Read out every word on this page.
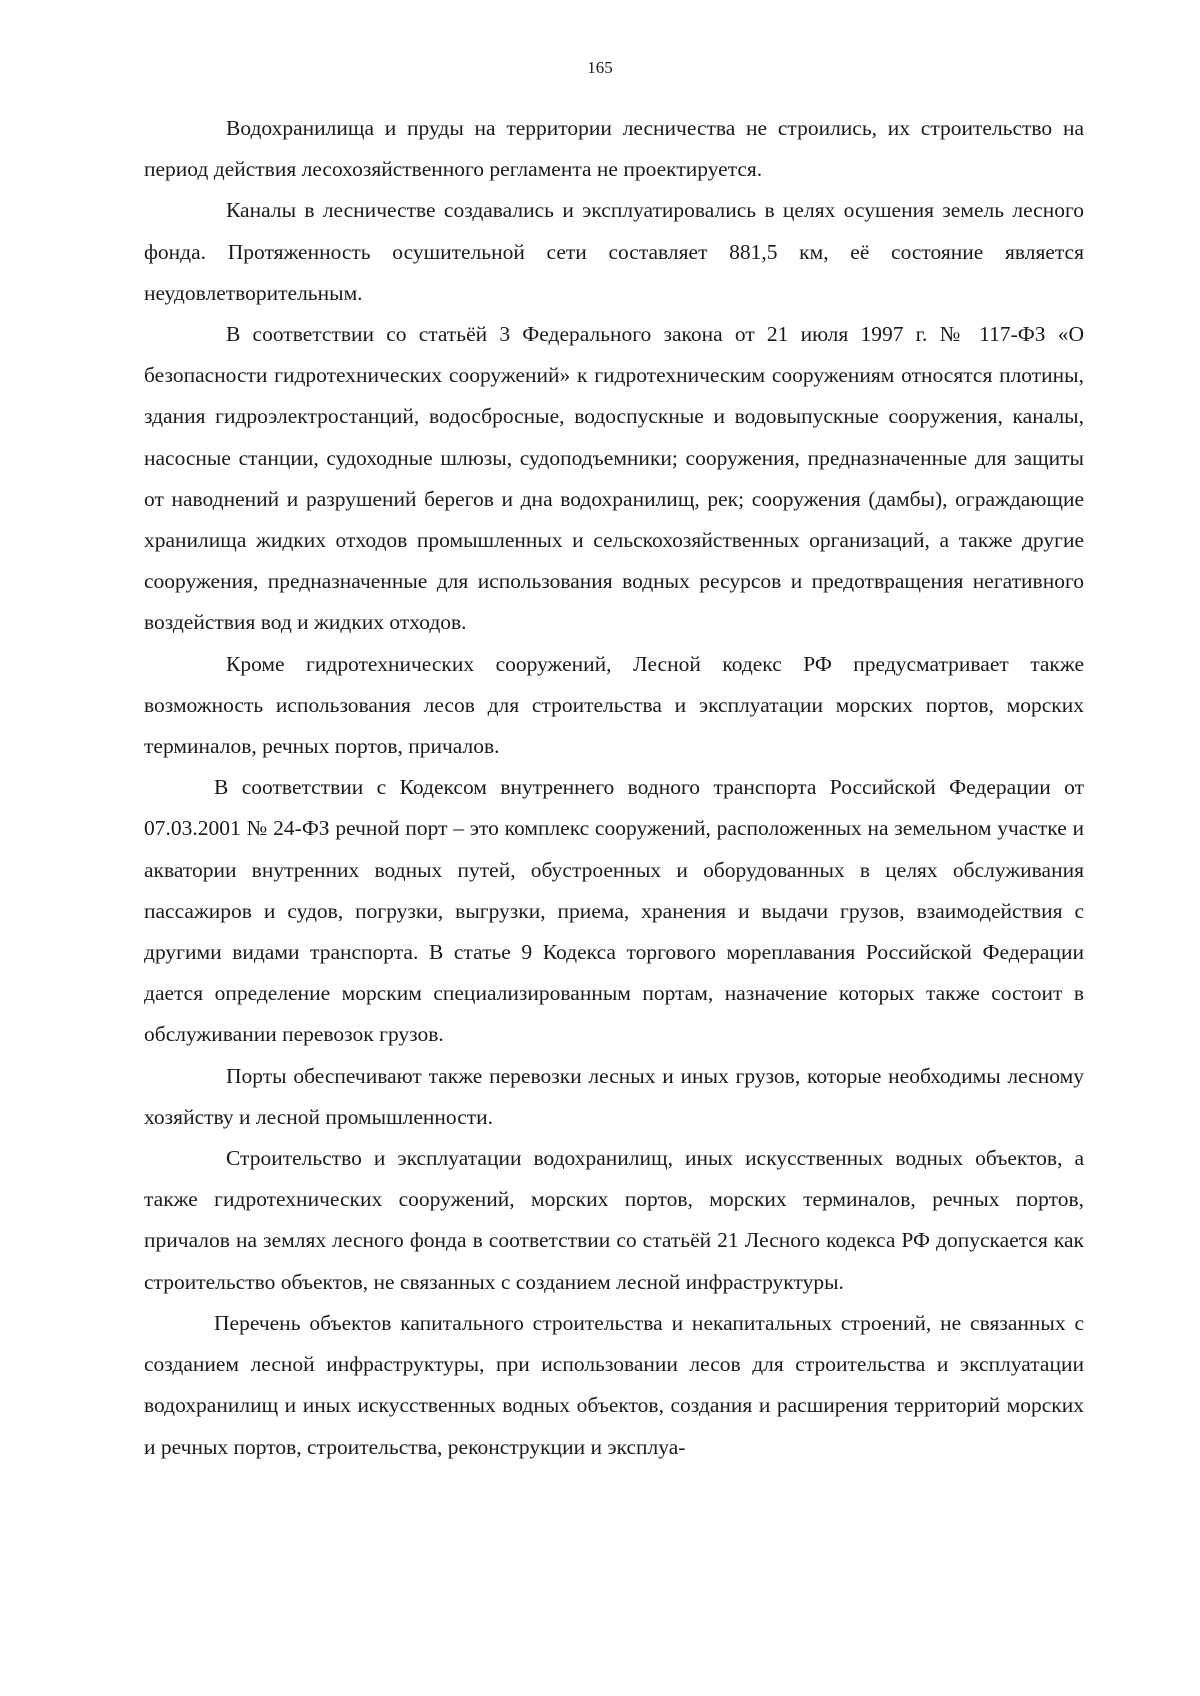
165

Водохранилища и пруды на территории лесничества не строились, их строительство на период действия лесохозяйственного регламента не проектируется.

Каналы в лесничестве создавались и эксплуатировались в целях осушения земель лесного фонда. Протяженность осушительной сети составляет 881,5 км, её состояние является неудовлетворительным.

В соответствии со статьёй 3 Федерального закона от 21 июля 1997 г. № 117-ФЗ «О безопасности гидротехнических сооружений» к гидротехническим сооружениям относятся плотины, здания гидроэлектростанций, водосбросные, водоспускные и водовыпускные сооружения, каналы, насосные станции, судоходные шлюзы, судоподъемники; сооружения, предназначенные для защиты от наводнений и разрушений берегов и дна водохранилищ, рек; сооружения (дамбы), ограждающие хранилища жидких отходов промышленных и сельскохозяйственных организаций, а также другие сооружения, предназначенные для использования водных ресурсов и предотвращения негативного воздействия вод и жидких отходов.

Кроме гидротехнических сооружений, Лесной кодекс РФ предусматривает также возможность использования лесов для строительства и эксплуатации морских портов, морских терминалов, речных портов, причалов.

В соответствии с Кодексом внутреннего водного транспорта Российской Федерации от 07.03.2001 № 24-ФЗ речной порт – это комплекс сооружений, расположенных на земельном участке и акватории внутренних водных путей, обустроенных и оборудованных в целях обслуживания пассажиров и судов, погрузки, выгрузки, приема, хранения и выдачи грузов, взаимодействия с другими видами транспорта. В статье 9 Кодекса торгового мореплавания Российской Федерации дается определение морским специализированным портам, назначение которых также состоит в обслуживании перевозок грузов.

Порты обеспечивают также перевозки лесных и иных грузов, которые необходимы лесному хозяйству и лесной промышленности.

Строительство и эксплуатации водохранилищ, иных искусственных водных объектов, а также гидротехнических сооружений, морских портов, морских терминалов, речных портов, причалов на землях лесного фонда в соответствии со статьёй 21 Лесного кодекса РФ допускается как строительство объектов, не связанных с созданием лесной инфраструктуры.

Перечень объектов капитального строительства и некапитальных строений, не связанных с созданием лесной инфраструктуры, при использовании лесов для строительства и эксплуатации водохранилищ и иных искусственных водных объектов, создания и расширения территорий морских и речных портов, строительства, реконструкции и эксплуа-
